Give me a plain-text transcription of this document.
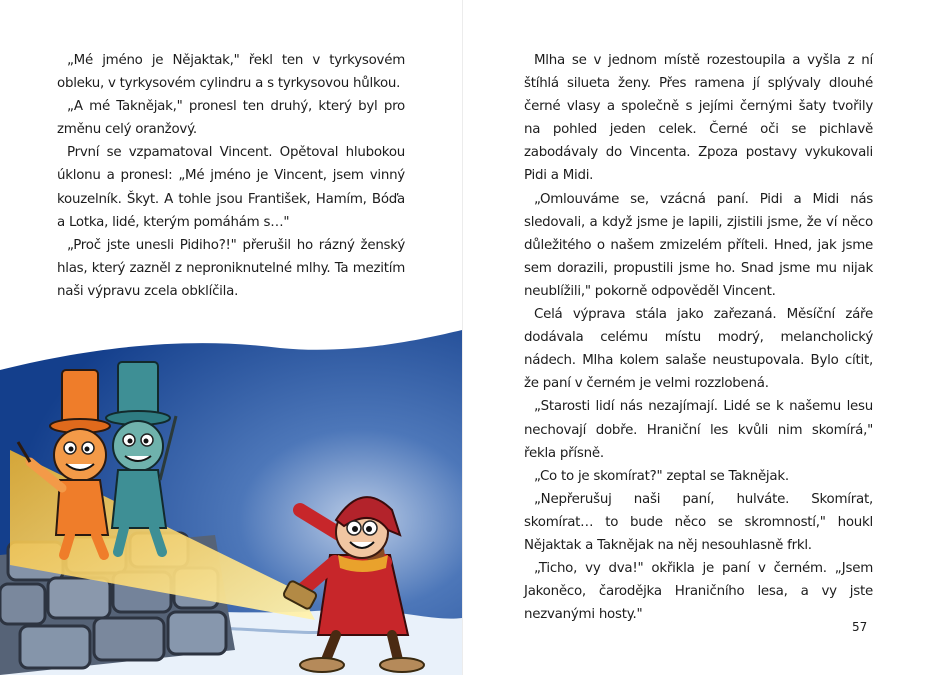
„Mé jméno je Nějaktak," řekl ten v tyrkysovém obleku, v tyrkysovém cylindru a s tyrkysovou hůlkou.

„A mé Taknějak," pronesl ten druhý, který byl pro změnu celý oranžový.

První se vzpamatoval Vincent. Opětoval hlubokou úklonu a pronesl: „Mé jméno je Vincent, jsem vinný kouzelník. Škyt. A tohle jsou František, Hamím, Bóďa a Lotka, lidé, kterým pomáhám s…"

„Proč jste unesli Pidiho?!" přerušil ho rázný ženský hlas, který zazněl z neproniknutelné mlhy. Ta mezitím naši výpravu zcela obklíčila.

Mlha se v jednom místě rozestoupila a vyšla z ní štíhlá silueta ženy. Přes ramena jí splývaly dlouhé černé vlasy a společně s jejími černými šaty tvořily na pohled jeden celek. Černé oči se pichlavě zabodávaly do Vincenta. Zpoza postavy vykukovali Pidi a Midi.

„Omlouváme se, vzácná paní. Pidi a Midi nás sledovali, a když jsme je lapili, zjistili jsme, že ví něco důležitého o našem zmizelém příteli. Hned, jak jsme sem dorazili, propustili jsme ho. Snad jsme mu nijak neublížili," pokorně odpověděl Vincent.

Celá výprava stála jako zařezaná. Měsíční záře dodávala celému místu modrý, melancholický nádech. Mlha kolem salaše neustupovala. Bylo cítit, že paní v černém je velmi rozzlobená.

„Starosti lidí nás nezajímají. Lidé se k našemu lesu nechovají dobře. Hraniční les kvůli nim skomírá," řekla přísně.

„Co to je skomírat?" zeptal se Taknějak.

„Nepřerušuj naši paní, hulváte. Skomírat, skomírat… to bude něco se skromností," houkl Nějaktak a Taknějak na něj nesouhlasně frkl.

„Ticho, vy dva!" okřikla je paní v černém. „Jsem Jakoněco, čarodějka Hraničního lesa, a vy jste nezvanými hosty."

57
